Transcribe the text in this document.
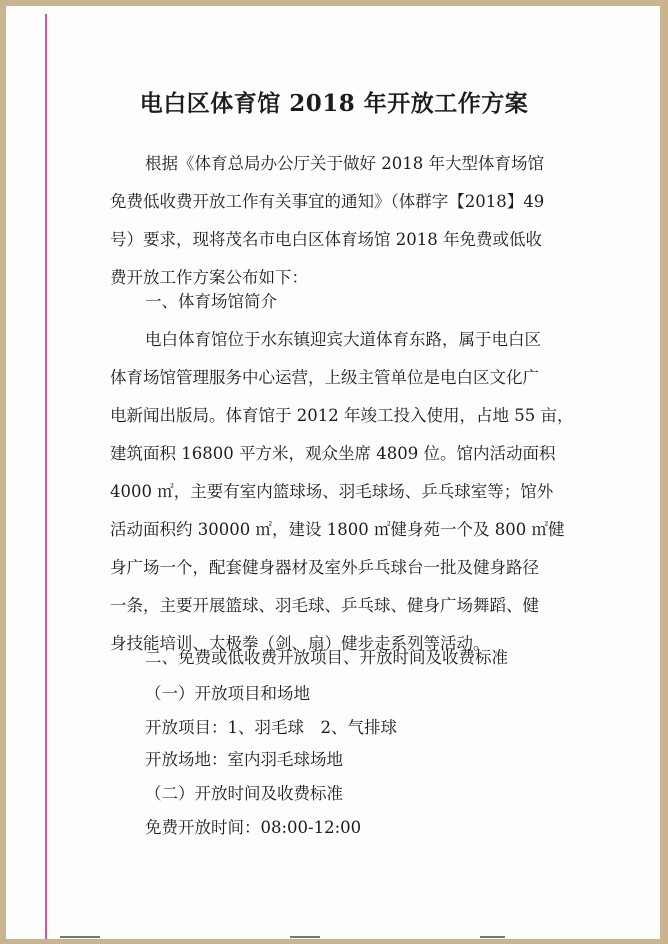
电白区体育馆 2018 年开放工作方案
根据《体育总局办公厅关于做好 2018 年大型体育场馆
免费低收费开放工作有关事宜的通知》（体群字【2018】49
号）要求，现将茂名市电白区体育场馆 2018 年免费或低收
费开放工作方案公布如下：
一、体育场馆简介
电白体育馆位于水东镇迎宾大道体育东路，属于电白区
体育场馆管理服务中心运营，上级主管单位是电白区文化广
电新闻出版局。体育馆于 2012 年竣工投入使用，占地 55 亩，
建筑面积 16800 平方米，观众坐席 4809 位。馆内活动面积
4000 ㎡，主要有室内篮球场、羽毛球场、乒乓球室等；馆外
活动面积约 30000 ㎡，建设 1800 ㎡健身苑一个及 800 ㎡健
身广场一个，配套健身器材及室外乒乓球台一批及健身路径
一条，主要开展篮球、羽毛球、乒乓球、健身广场舞蹈、健
身技能培训、太极拳（剑、扇）健步走系列等活动。
二、免费或低收费开放项目、开放时间及收费标准
（一）开放项目和场地
开放项目：1、羽毛球　2、气排球
开放场地：室内羽毛球场地
（二）开放时间及收费标准
免费开放时间：08:00-12:00
